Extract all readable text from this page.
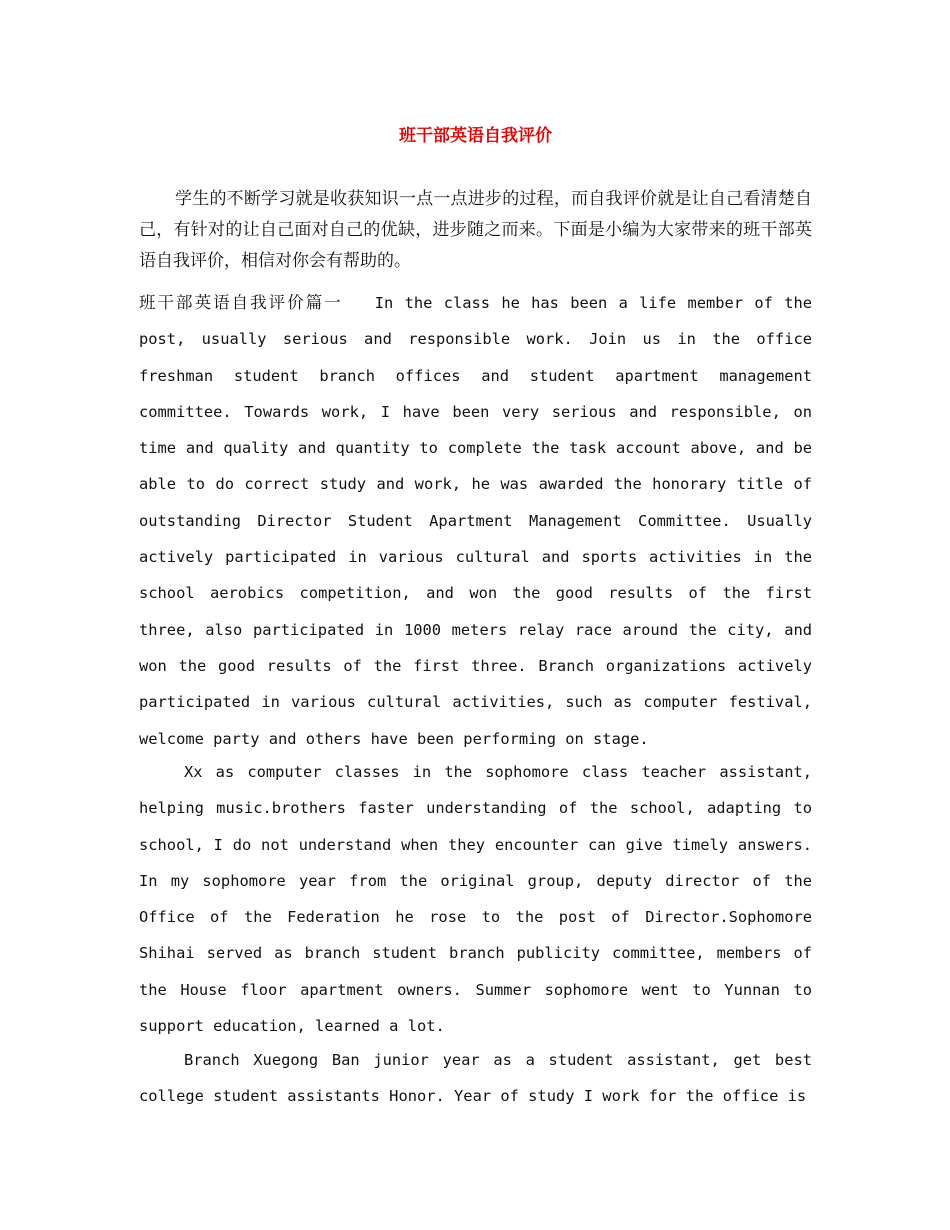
班干部英语自我评价

学生的不断学习就是收获知识一点一点进步的过程，而自我评价就是让自己看清楚自己，有针对的让自己面对自己的优缺，进步随之而来。下面是小编为大家带来的班干部英语自我评价，相信对你会有帮助的。

班干部英语自我评价篇一 In the class he has been a life member of the post, usually serious and responsible work. Join us in the office freshman student branch offices and student apartment management committee. Towards work, I have been very serious and responsible, on time and quality and quantity to complete the task account above, and be able to do correct study and work, he was awarded the honorary title of outstanding Director Student Apartment Management Committee. Usually actively participated in various cultural and sports activities in the school aerobics competition, and won the good results of the first three, also participated in 1000 meters relay race around the city, and won the good results of the first three. Branch organizations actively participated in various cultural activities, such as computer festival, welcome party and others have been performing on stage.

Xx as computer classes in the sophomore class teacher assistant, helping music.brothers faster understanding of the school, adapting to school, I do not understand when they encounter can give timely answers. In my sophomore year from the original group, deputy director of the Office of the Federation he rose to the post of Director.Sophomore Shihai served as branch student branch publicity committee, members of the House floor apartment owners. Summer sophomore went to Yunnan to support education, learned a lot.

Branch Xuegong Ban junior year as a student assistant, get best college student assistants Honor. Year of study I work for the office is
